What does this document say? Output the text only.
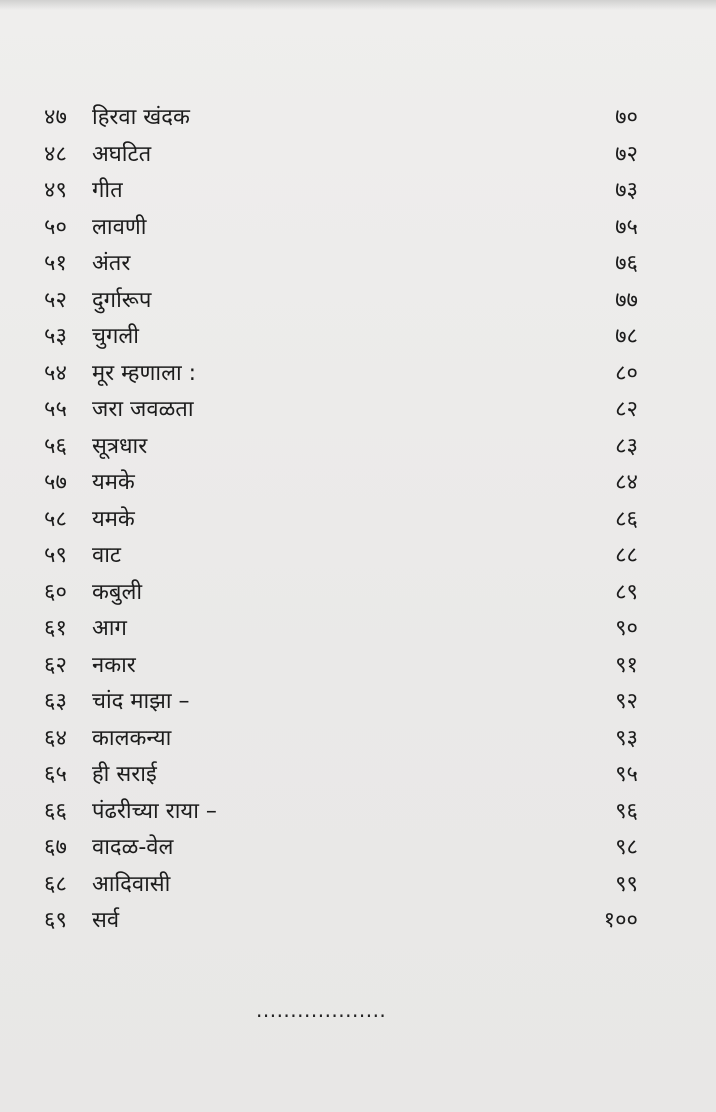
४७	हिरवा खंदक	७०
४८	अघटित	७२
४९	गीत	७३
५०	लावणी	७५
५१	अंतर	७६
५२	दुर्गारूप	७७
५३	चुगली	७८
५४	मूर म्हणाला :	८०
५५	जरा जवळता	८२
५६	सूत्रधार	८३
५७	यमके	८४
५८	यमके	८६
५९	वाट	८८
६०	कबुली	८९
६१	आग	९०
६२	नकार	९१
६३	चांद माझा –	९२
६४	कालकन्या	९३
६५	ही सराई	९५
६६	पंढरीच्या राया –	९६
६७	वादळ-वेल	९८
६८	आदिवासी	९९
६९	सर्व	१००
...................
